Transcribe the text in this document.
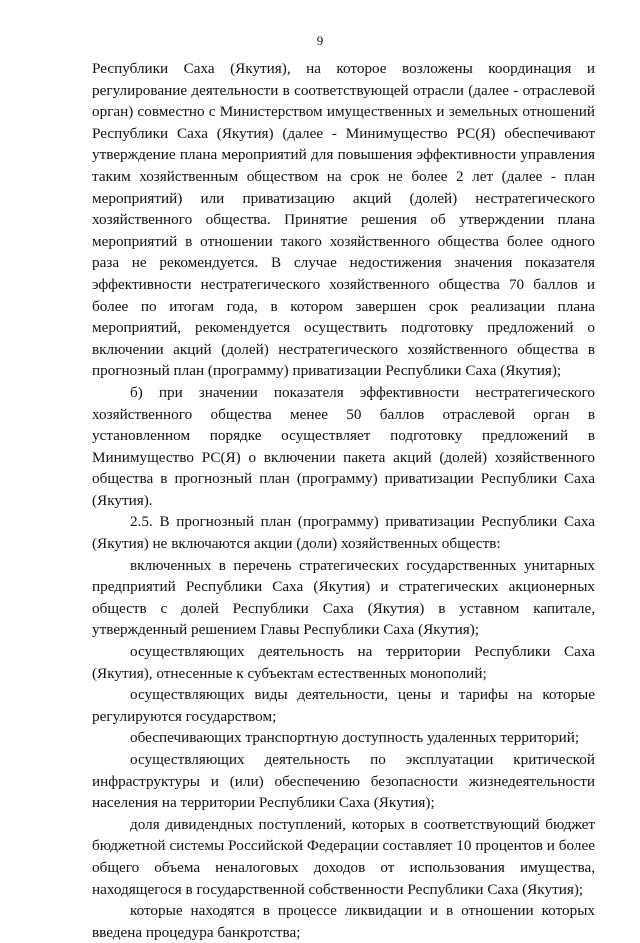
9

Республики Саха (Якутия), на которое возложены координация и регулирование деятельности в соответствующей отрасли (далее - отраслевой орган) совместно с Министерством имущественных и земельных отношений Республики Саха (Якутия) (далее - Минимущество РС(Я) обеспечивают утверждение плана мероприятий для повышения эффективности управления таким хозяйственным обществом на срок не более 2 лет (далее - план мероприятий) или приватизацию акций (долей) нестратегического хозяйственного общества. Принятие решения об утверждении плана мероприятий в отношении такого хозяйственного общества более одного раза не рекомендуется. В случае недостижения значения показателя эффективности нестратегического хозяйственного общества 70 баллов и более по итогам года, в котором завершен срок реализации плана мероприятий, рекомендуется осуществить подготовку предложений о включении акций (долей) нестратегического хозяйственного общества в прогнозный план (программу) приватизации Республики Саха (Якутия);

б) при значении показателя эффективности нестратегического хозяйственного общества менее 50 баллов отраслевой орган в установленном порядке осуществляет подготовку предложений в Минимущество РС(Я) о включении пакета акций (долей) хозяйственного общества в прогнозный план (программу) приватизации Республики Саха (Якутия).

2.5. В прогнозный план (программу) приватизации Республики Саха (Якутия) не включаются акции (доли) хозяйственных обществ:

включенных в перечень стратегических государственных унитарных предприятий Республики Саха (Якутия) и стратегических акционерных обществ с долей Республики Саха (Якутия) в уставном капитале, утвержденный решением Главы Республики Саха (Якутия);

осуществляющих деятельность на территории Республики Саха (Якутия), отнесенные к субъектам естественных монополий;

осуществляющих виды деятельности, цены и тарифы на которые регулируются государством;

обеспечивающих транспортную доступность удаленных территорий;

осуществляющих деятельность по эксплуатации критической инфраструктуры и (или) обеспечению безопасности жизнедеятельности населения на территории Республики Саха (Якутия);

доля дивидендных поступлений, которых в соответствующий бюджет бюджетной системы Российской Федерации составляет 10 процентов и более общего объема неналоговых доходов от использования имущества, находящегося в государственной собственности Республики Саха (Якутия);

которые находятся в процессе ликвидации и в отношении которых введена процедура банкротства;
